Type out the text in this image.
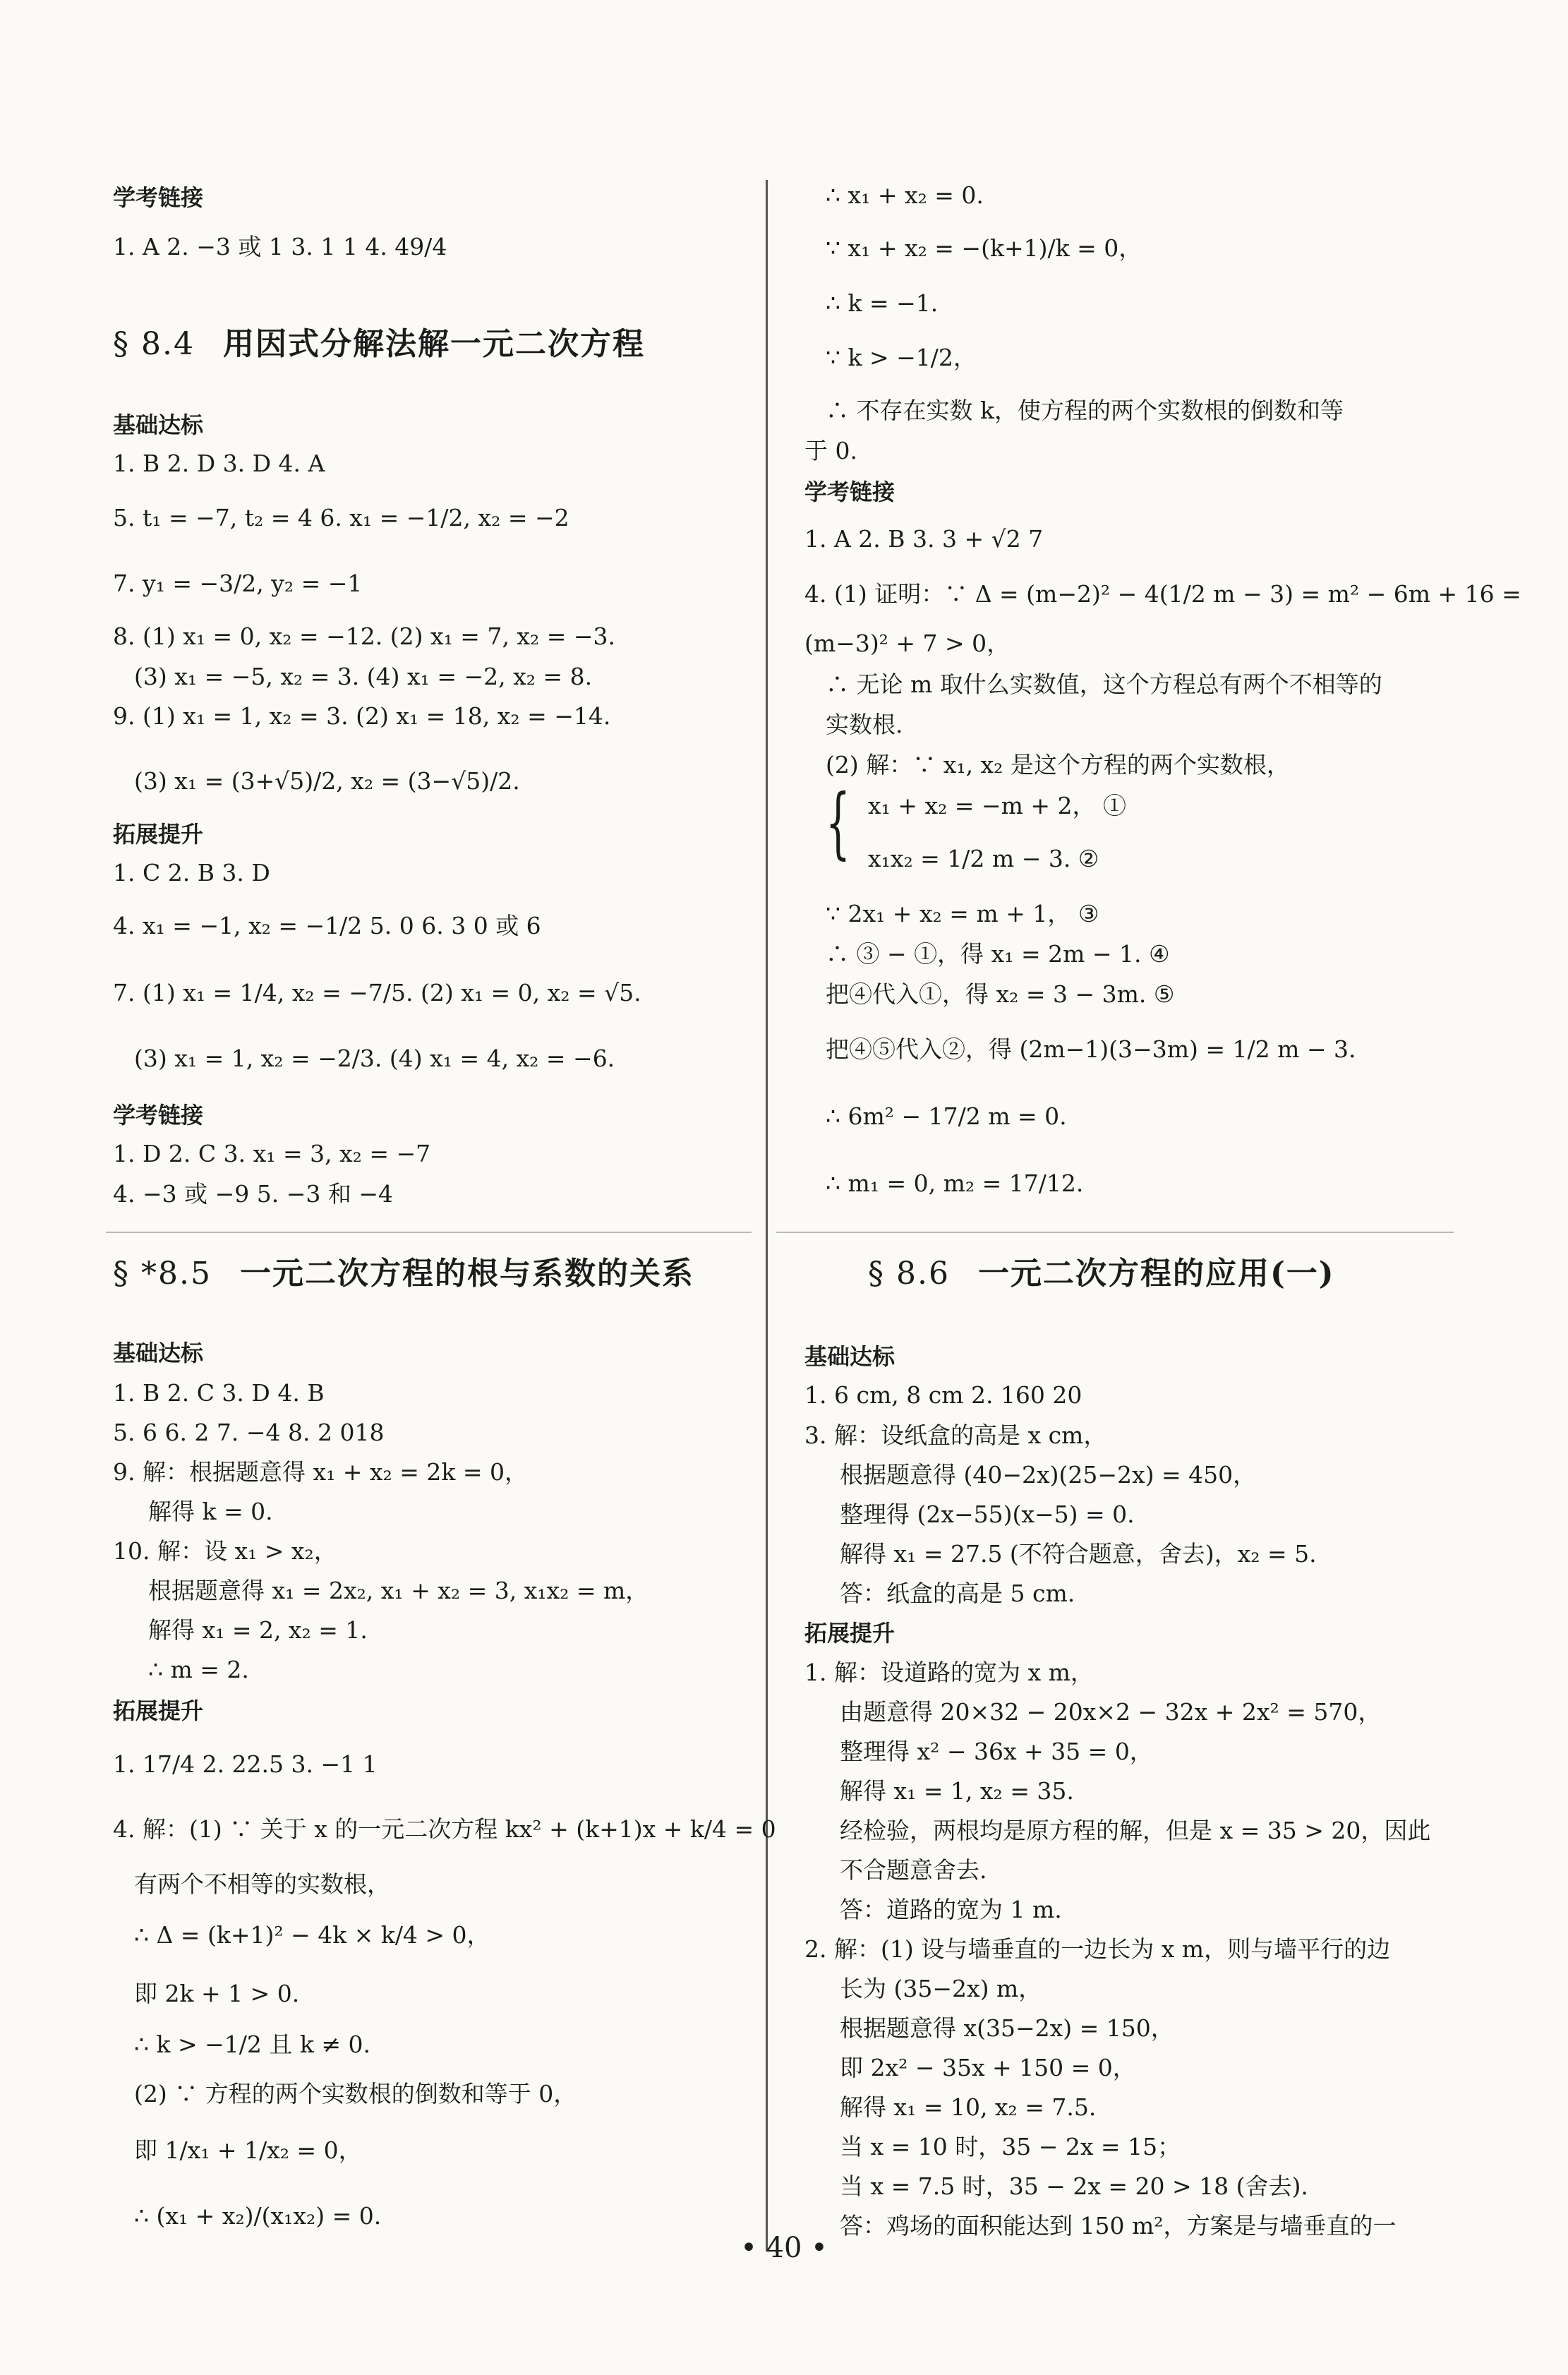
学考链接
1. A 2. −3 或 1 3. 1 1 4. 49/4
§ 8.4 用因式分解法解一元二次方程
基础达标
1. B 2. D 3. D 4. A
5. t₁ = −7, t₂ = 4 6. x₁ = −1/2, x₂ = −2
7. y₁ = −3/2, y₂ = −1
8. (1) x₁ = 0, x₂ = −12. (2) x₁ = 7, x₂ = −3.
(3) x₁ = −5, x₂ = 3. (4) x₁ = −2, x₂ = 8.
9. (1) x₁ = 1, x₂ = 3. (2) x₁ = 18, x₂ = −14.
(3) x₁ = (3+√5)/2, x₂ = (3−√5)/2.
拓展提升
1. C 2. B 3. D
4. x₁ = −1, x₂ = −1/2 5. 0 6. 3 0 或 6
7. (1) x₁ = 1/4, x₂ = −7/5. (2) x₁ = 0, x₂ = √5.
(3) x₁ = 1, x₂ = −2/3. (4) x₁ = 4, x₂ = −6.
学考链接
1. D 2. C 3. x₁ = 3, x₂ = −7
4. −3 或 −9 5. −3 和 −4
§ *8.5 一元二次方程的根与系数的关系
基础达标
1. B 2. C 3. D 4. B
5. 6 6. 2 7. −4 8. 2 018
9. 解：根据题意得 x₁ + x₂ = 2k = 0，
解得 k = 0.
10. 解：设 x₁ > x₂，
根据题意得 x₁ = 2x₂, x₁ + x₂ = 3, x₁x₂ = m，
解得 x₁ = 2, x₂ = 1.
∴ m = 2.
拓展提升
1. 17/4 2. 22.5 3. −1 1
4. 解：(1) ∵ 关于 x 的一元二次方程 kx² + (k+1)x + k/4 = 0
有两个不相等的实数根，
∴ Δ = (k+1)² − 4k × k/4 > 0，
即 2k + 1 > 0.
∴ k > −1/2 且 k ≠ 0.
(2) ∵ 方程的两个实数根的倒数和等于 0，
即 1/x₁ + 1/x₂ = 0，
∴ (x₁ + x₂)/(x₁x₂) = 0.
∴ x₁ + x₂ = 0.
∵ x₁ + x₂ = −(k+1)/k = 0，
∴ k = −1.
∵ k > −1/2，
∴ 不存在实数 k，使方程的两个实数根的倒数和等
于 0.
学考链接
1. A 2. B 3. 3 + √2 7
4. (1) 证明：∵ Δ = (m−2)² − 4(1/2 m − 3) = m² − 6m + 16 =
(m−3)² + 7 > 0，
∴ 无论 m 取什么实数值，这个方程总有两个不相等的
实数根.
(2) 解：∵ x₁, x₂ 是这个方程的两个实数根，
{ x₁ + x₂ = −m + 2， ①
x₁x₂ = 1/2 m − 3. ②
∵ 2x₁ + x₂ = m + 1， ③
∴ ③ − ①，得 x₁ = 2m − 1. ④
把④代入①，得 x₂ = 3 − 3m. ⑤
把④⑤代入②，得 (2m−1)(3−3m) = 1/2 m − 3.
∴ 6m² − 17/2 m = 0.
∴ m₁ = 0, m₂ = 17/12.
§ 8.6 一元二次方程的应用(一)
基础达标
1. 6 cm, 8 cm 2. 160 20
3. 解：设纸盒的高是 x cm，
根据题意得 (40−2x)(25−2x) = 450，
整理得 (2x−55)(x−5) = 0.
解得 x₁ = 27.5 (不符合题意，舍去)，x₂ = 5.
答：纸盒的高是 5 cm.
拓展提升
1. 解：设道路的宽为 x m，
由题意得 20×32 − 20x×2 − 32x + 2x² = 570，
整理得 x² − 36x + 35 = 0，
解得 x₁ = 1, x₂ = 35.
经检验，两根均是原方程的解，但是 x = 35 > 20，因此
不合题意舍去.
答：道路的宽为 1 m.
2. 解：(1) 设与墙垂直的一边长为 x m，则与墙平行的边
长为 (35−2x) m，
根据题意得 x(35−2x) = 150，
即 2x² − 35x + 150 = 0，
解得 x₁ = 10, x₂ = 7.5.
当 x = 10 时，35 − 2x = 15；
当 x = 7.5 时，35 − 2x = 20 > 18 (舍去).
答：鸡场的面积能达到 150 m²，方案是与墙垂直的一
• 40 •
